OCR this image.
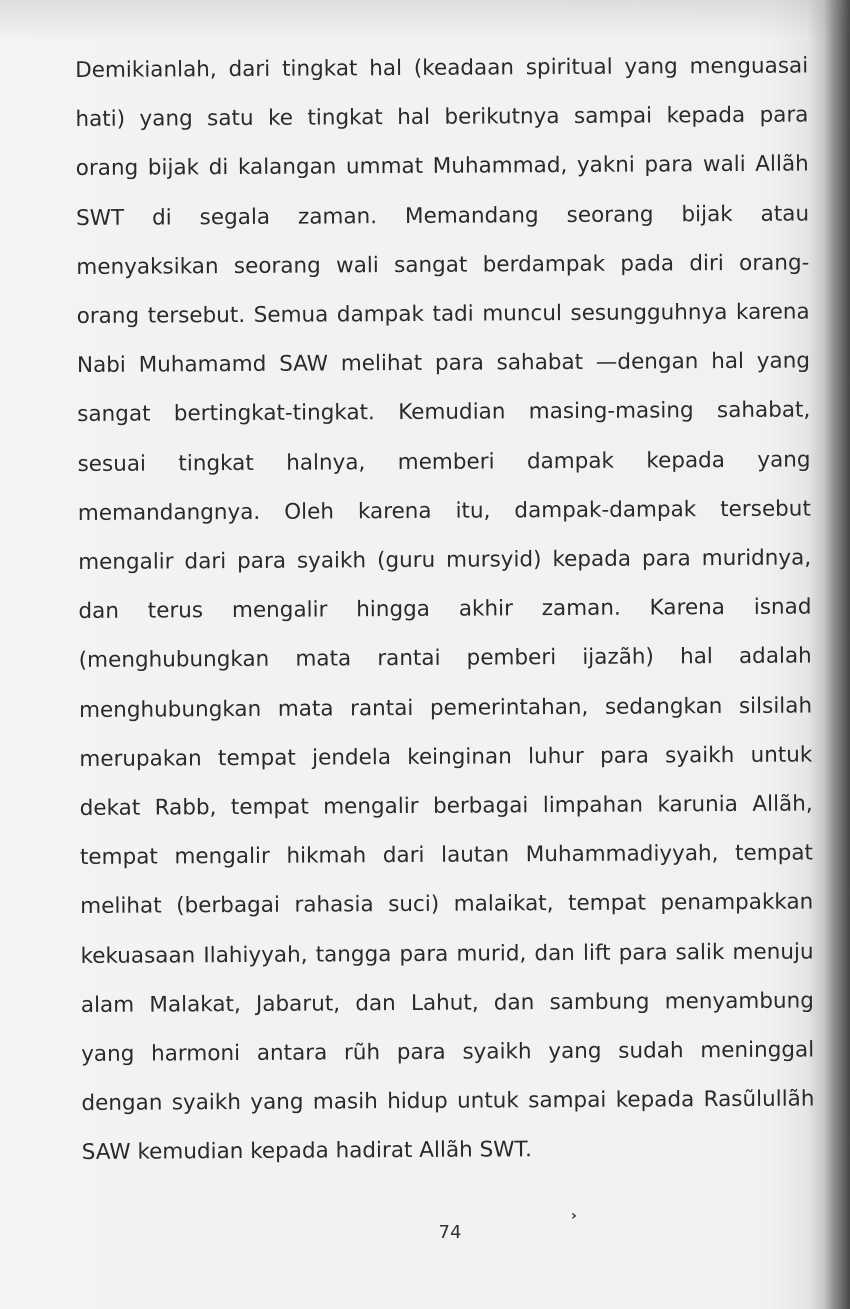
Demikianlah, dari tingkat hal (keadaan spiritual yang menguasai hati) yang satu ke tingkat hal berikutnya sampai kepada para orang bijak di kalangan ummat Muhammad, yakni para wali Allãh SWT di segala zaman. Memandang seorang bijak atau menyaksikan seorang wali sangat berdampak pada diri orang-orang tersebut. Semua dampak tadi muncul sesungguhnya karena Nabi Muhamamd SAW melihat para sahabat —dengan hal yang sangat bertingkat-tingkat. Kemudian masing-masing sahabat, sesuai tingkat halnya, memberi dampak kepada yang memandangnya. Oleh karena itu, dampak-dampak tersebut mengalir dari para syaikh (guru mursyid) kepada para muridnya, dan terus mengalir hingga akhir zaman. Karena isnad (menghubungkan mata rantai pemberi ijazãh) hal adalah menghubungkan mata rantai pemerintahan, sedangkan silsilah merupakan tempat jendela keinginan luhur para syaikh untuk dekat Rabb, tempat mengalir berbagai limpahan karunia Allãh, tempat mengalir hikmah dari lautan Muhammadiyyah, tempat melihat (berbagai rahasia suci) malaikat, tempat penampakkan kekuasaan Ilahiyyah, tangga para murid, dan lift para salik menuju alam Malakat, Jabarut, dan Lahut, dan sambung menyambung yang harmoni antara rũh para syaikh yang sudah meninggal dengan syaikh yang masih hidup untuk sampai kepada Rasũlullãh SAW kemudian kepada hadirat Allãh SWT.

›
74
